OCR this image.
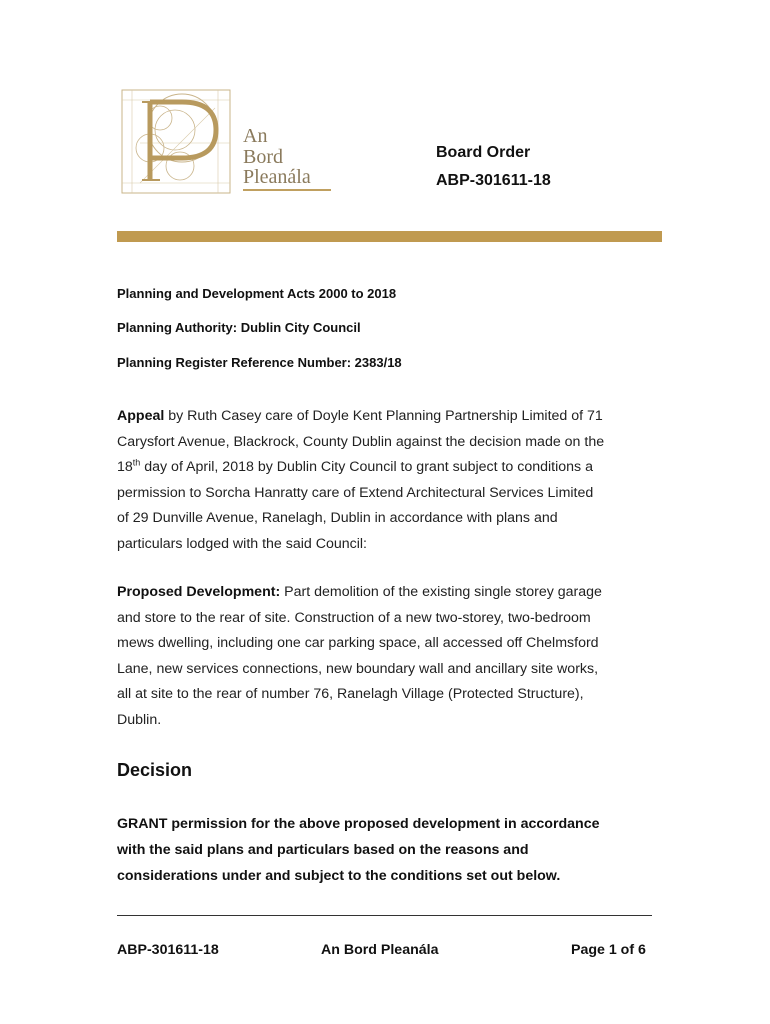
An
Bord
Pleanála
Board Order
ABP-301611-18
Planning and Development Acts 2000 to 2018
Planning Authority: Dublin City Council
Planning Register Reference Number: 2383/18
Appeal by Ruth Casey care of Doyle Kent Planning Partnership Limited of 71
Carysfort Avenue, Blackrock, County Dublin against the decision made on the
18th day of April, 2018 by Dublin City Council to grant subject to conditions a
permission to Sorcha Hanratty care of Extend Architectural Services Limited
of 29 Dunville Avenue, Ranelagh, Dublin in accordance with plans and
particulars lodged with the said Council:
Proposed Development: Part demolition of the existing single storey garage
and store to the rear of site. Construction of a new two-storey, two-bedroom
mews dwelling, including one car parking space, all accessed off Chelmsford
Lane, new services connections, new boundary wall and ancillary site works,
all at site to the rear of number 76, Ranelagh Village (Protected Structure),
Dublin.
Decision
GRANT permission for the above proposed development in accordance
with the said plans and particulars based on the reasons and
considerations under and subject to the conditions set out below.
ABP-301611-18	An Bord Pleanála	Page 1 of 6
